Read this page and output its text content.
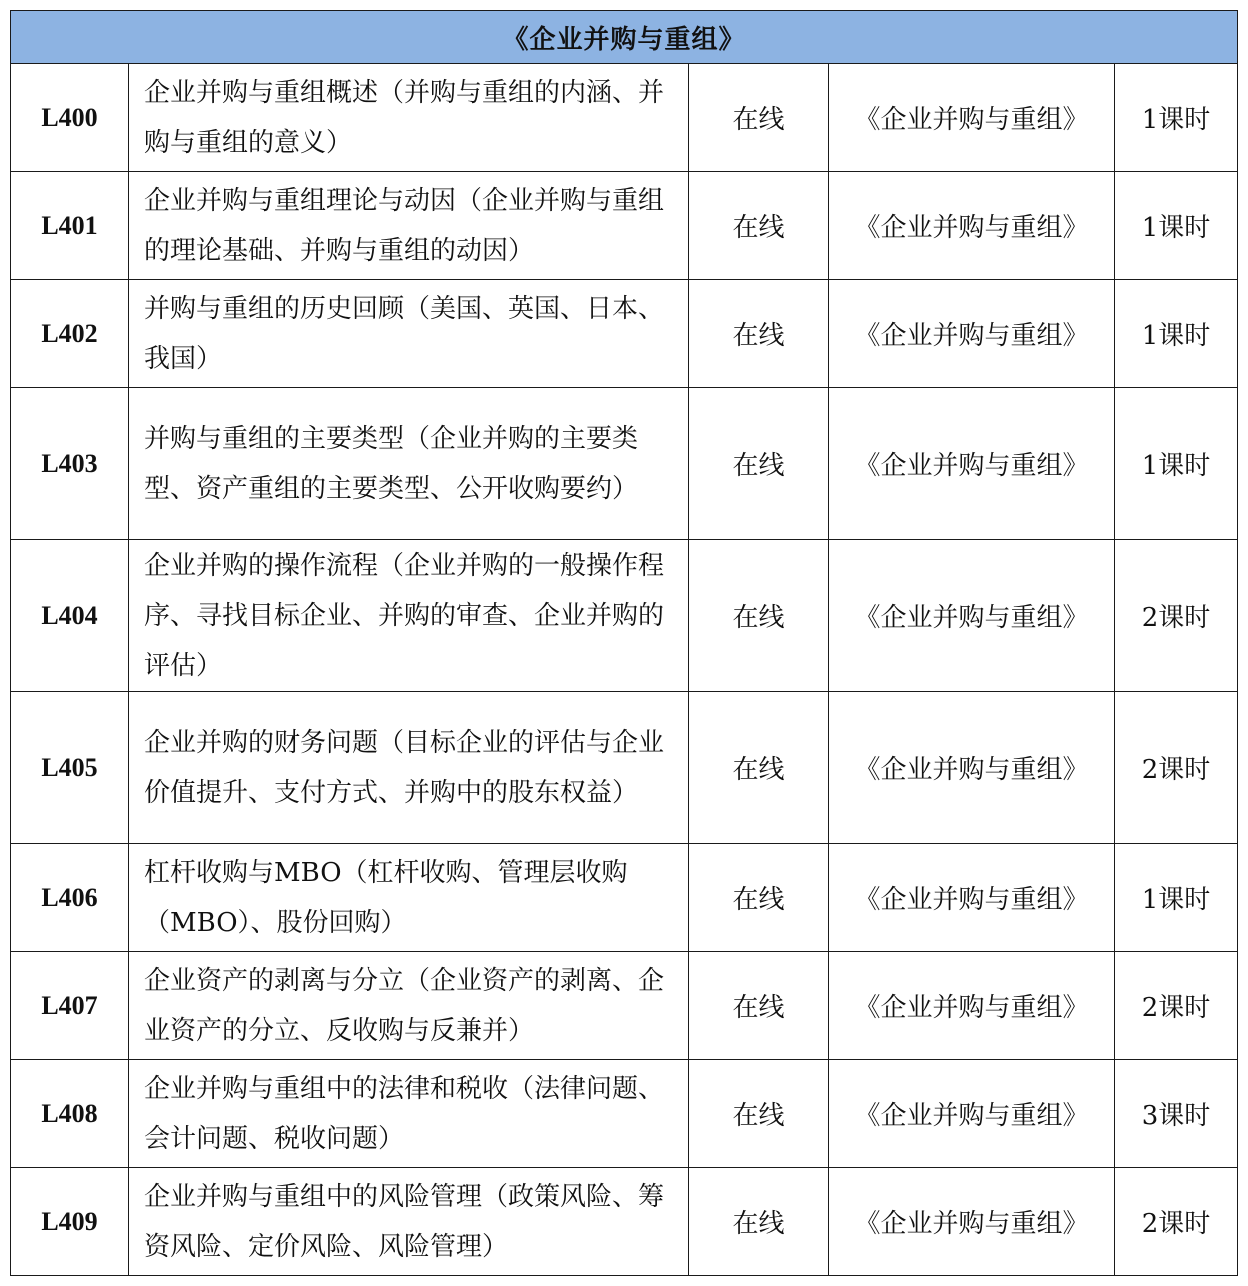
《企业并购与重组》				
L400	企业并购与重组概述（并购与重组的内涵、并购与重组的意义）	在线	《企业并购与重组》	1课时
L401	企业并购与重组理论与动因（企业并购与重组的理论基础、并购与重组的动因）	在线	《企业并购与重组》	1课时
L402	并购与重组的历史回顾（美国、英国、日本、我国）	在线	《企业并购与重组》	1课时
L403	并购与重组的主要类型（企业并购的主要类型、资产重组的主要类型、公开收购要约）	在线	《企业并购与重组》	1课时
L404	企业并购的操作流程（企业并购的一般操作程序、寻找目标企业、并购的审查、企业并购的评估）	在线	《企业并购与重组》	2课时
L405	企业并购的财务问题（目标企业的评估与企业价值提升、支付方式、并购中的股东权益）	在线	《企业并购与重组》	2课时
L406	杠杆收购与MBO（杠杆收购、管理层收购（MBO）、股份回购）	在线	《企业并购与重组》	1课时
L407	企业资产的剥离与分立（企业资产的剥离、企业资产的分立、反收购与反兼并）	在线	《企业并购与重组》	2课时
L408	企业并购与重组中的法律和税收（法律问题、会计问题、税收问题）	在线	《企业并购与重组》	3课时
L409	企业并购与重组中的风险管理（政策风险、筹资风险、定价风险、风险管理）	在线	《企业并购与重组》	2课时
